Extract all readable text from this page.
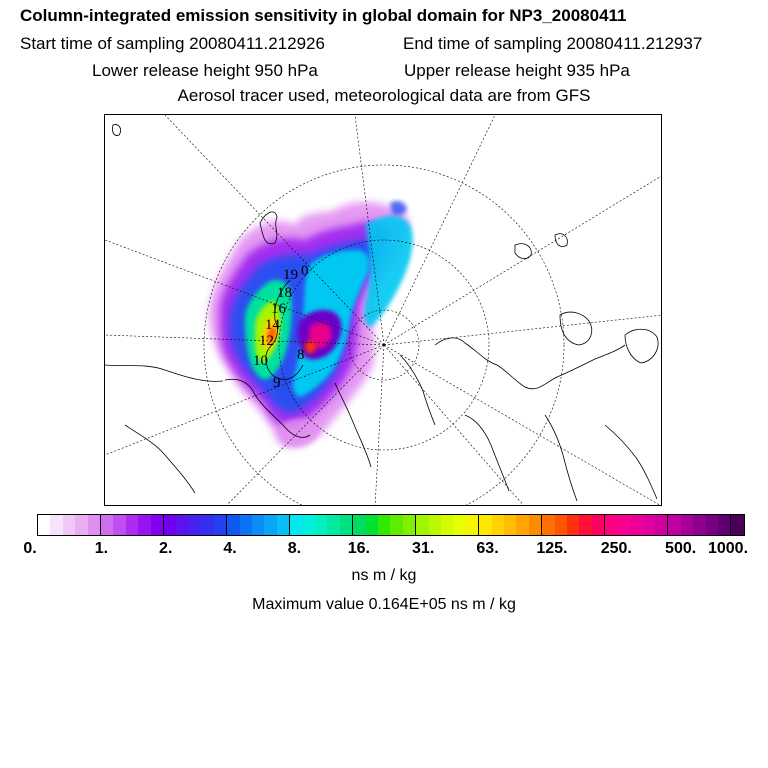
Column-integrated emission sensitivity in global domain for NP3_20080411
Start time of sampling 20080411.212926	End time of sampling 20080411.212937
Lower release height 950 hPa	Upper release height 935 hPa
Aerosol tracer used, meteorological data are from GFS
19
18
16
14
12
10
9
8
0
ns m / kg
Maximum value 0.164E+05 ns m / kg
0.	1.	2.	4.	8.	16.	31.	63. 125. 250. 500. 1000.
